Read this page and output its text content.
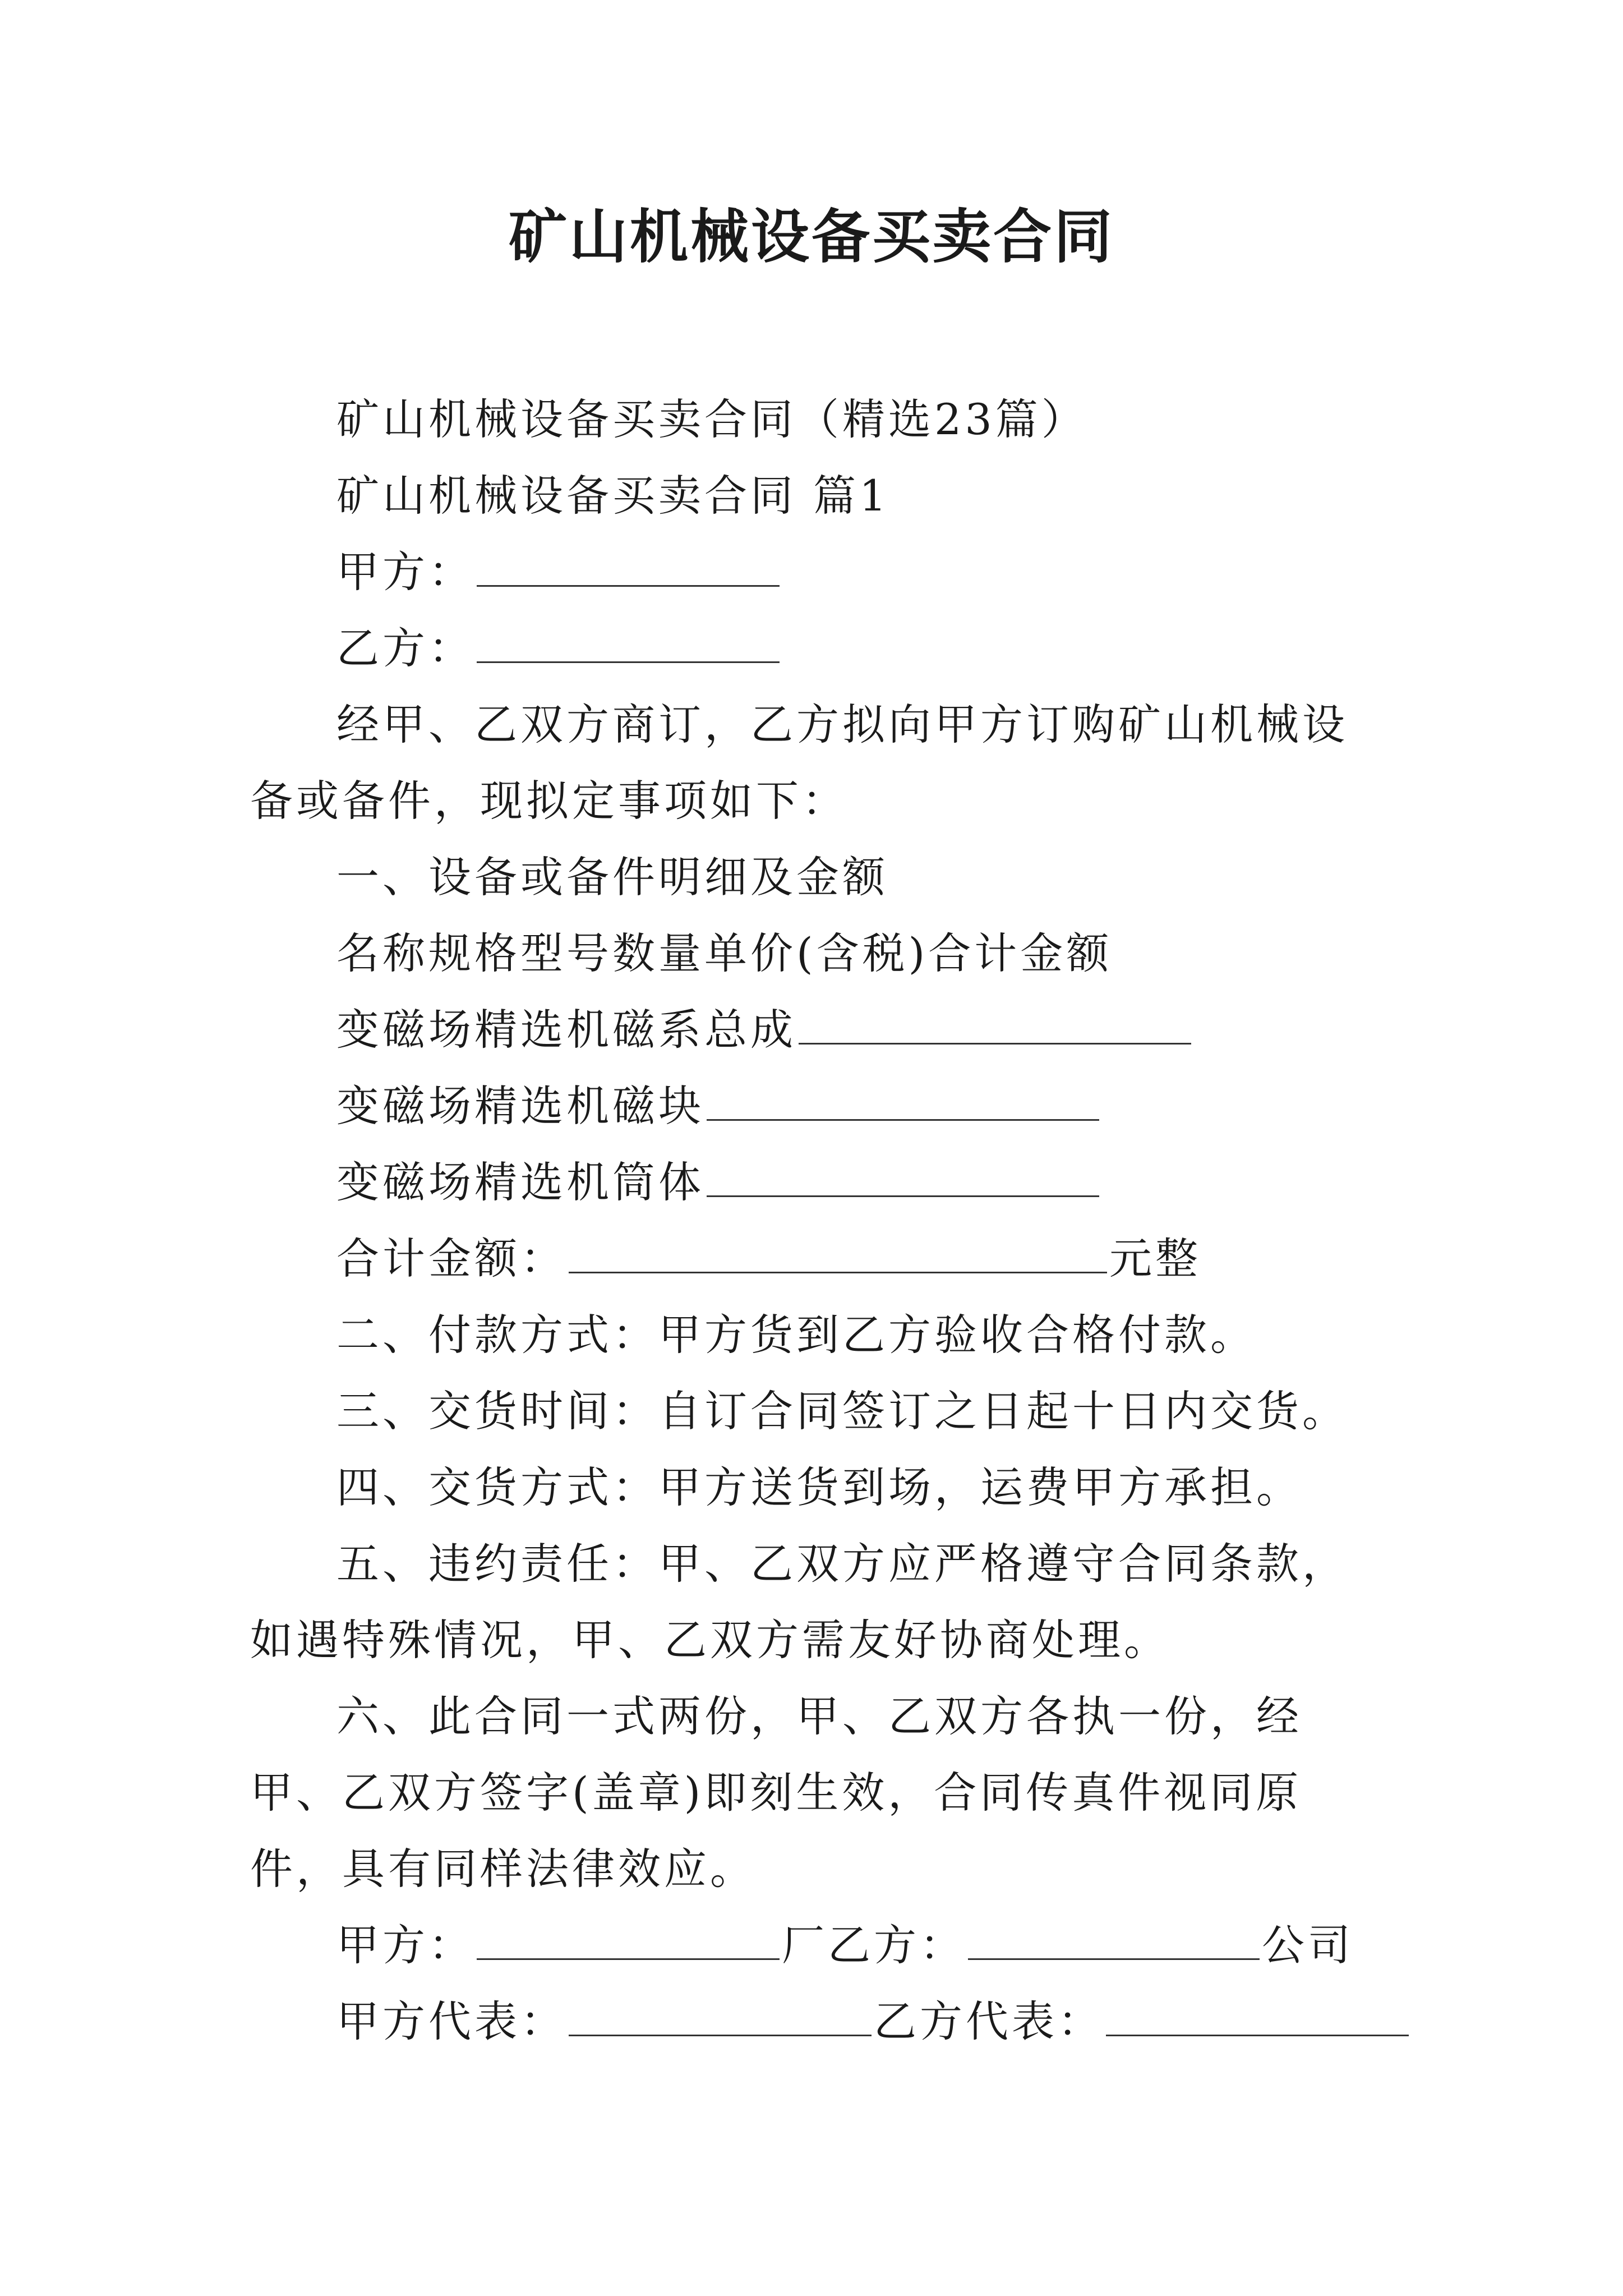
矿山机械设备买卖合同
矿山机械设备买卖合同（精选23篇）
矿山机械设备买卖合同 篇1
甲方：
乙方：
经甲、乙双方商订，乙方拟向甲方订购矿山机械设备或备件，现拟定事项如下：
一、设备或备件明细及金额
名称规格型号数量单价(含税)合计金额
变磁场精选机磁系总成
变磁场精选机磁块
变磁场精选机筒体
合计金额：	元整
二、付款方式：甲方货到乙方验收合格付款。
三、交货时间：自订合同签订之日起十日内交货。
四、交货方式：甲方送货到场，运费甲方承担。
五、违约责任：甲、乙双方应严格遵守合同条款，如遇特殊情况，甲、乙双方需友好协商处理。
六、此合同一式两份，甲、乙双方各执一份，经甲、乙双方签字(盖章)即刻生效，合同传真件视同原件，具有同样法律效应。
甲方：	厂乙方：	公司
甲方代表：	乙方代表：
